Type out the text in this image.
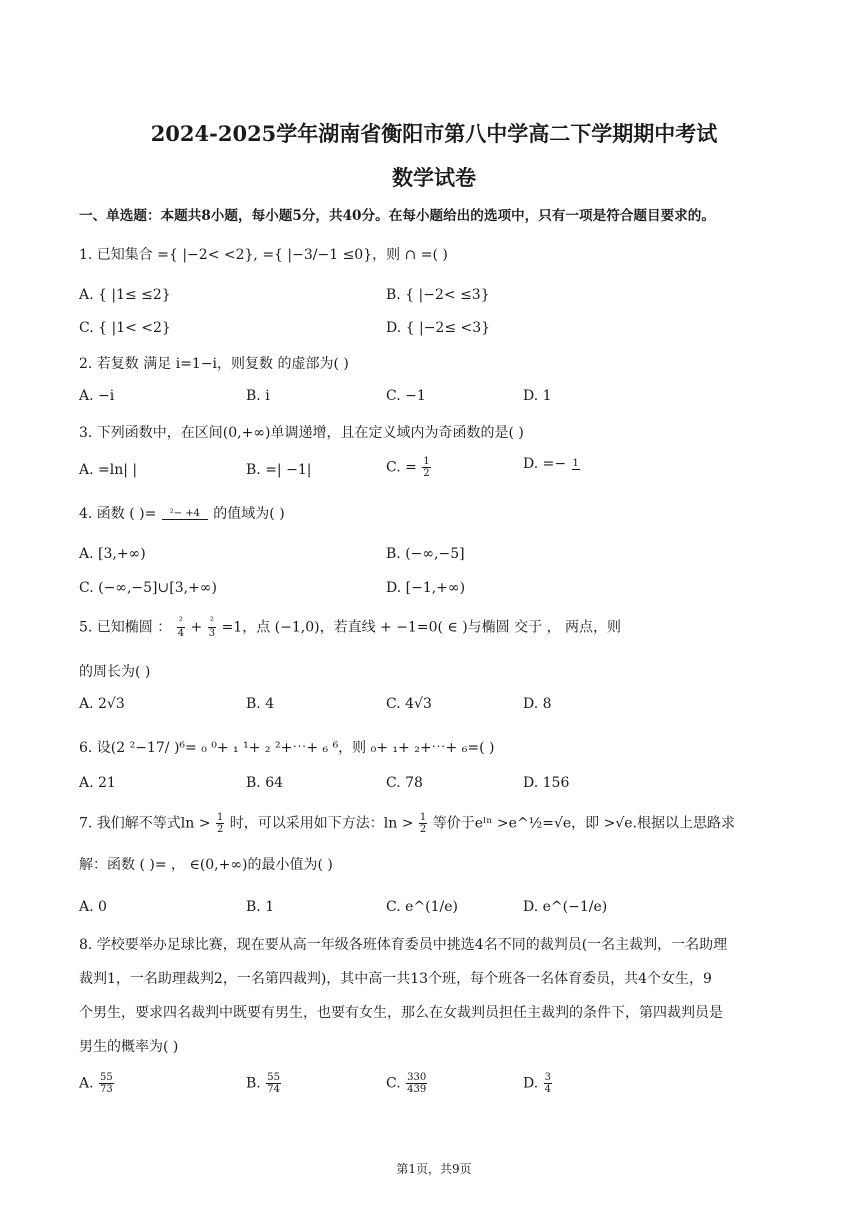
2024-2025学年湖南省衡阳市第八中学高二下学期期中考试
数学试卷
一、单选题：本题共8小题，每小题5分，共40分。在每小题给出的选项中，只有一项是符合题目要求的。
1. 已知集合 ={ |−2< <2}, ={ |−3/−1 ≤0}，则 ∩ =( )
A. { |1≤ ≤2}	B. { |−2< ≤3}
C. { |1< <2}	D. { |−2≤ <3}
2. 若复数 满足 i=1−i，则复数 的虚部为( )
A. −i	B. i	C. −1	D. 1
3. 下列函数中，在区间(0,+∞)单调递增，且在定义域内为奇函数的是( )
A. =ln| |	B. =| −1|	C. = $\frac{1}{2}$	D. =− 1
4. 函数 ( )=	²− +4 的值域为( )
A. [3,+∞)	B. (−∞,−5]
C. (−∞,−5]∪[3,+∞)	D. [−1,+∞)
5. 已知椭圆 ： $\frac{\text{²}}{4} + \frac{\text{²}}{3} =1$，点 (−1,0)，若直线 + −1=0( ∈ )与椭圆 交于 ， 两点，则
的周长为( )
A. 2√3	B. 4	C. 4√3	D. 8
6. 设(2 ²−17/ )⁶= ₀ ⁰+ ₁ ¹+ ₂ ²+⋯+ ₆ ⁶，则 ₀+ ₁+ ₂+⋯+ ₆=( )
A. 21	B. 64	C. 78	D. 156
7. 我们解不等式$\ln > \frac{1}{2}$ 时，可以采用如下方法：$\ln > \frac{1}{2}$ 等价于eˡⁿ >e^½=√e，即 >√e.根据以上思路求
解：函数 ( )= ， ∈(0,+∞)的最小值为( )
A. 0	B. 1	C. e^(1/e)	D. e^(−1/e)
8. 学校要举办足球比赛，现在要从高一年级各班体育委员中挑选4名不同的裁判员(一名主裁判，一名助理
裁判1，一名助理裁判2，一名第四裁判)，其中高一共13个班，每个班各一名体育委员，共4个女生，9
个男生，要求四名裁判中既要有男生，也要有女生，那么在女裁判员担任主裁判的条件下，第四裁判员是
男生的概率为( )
A. $\frac{55}{73}$	B. $\frac{55}{74}$	C. $\frac{330}{439}$	D. $\frac{3}{4}$
第1页，共9页
